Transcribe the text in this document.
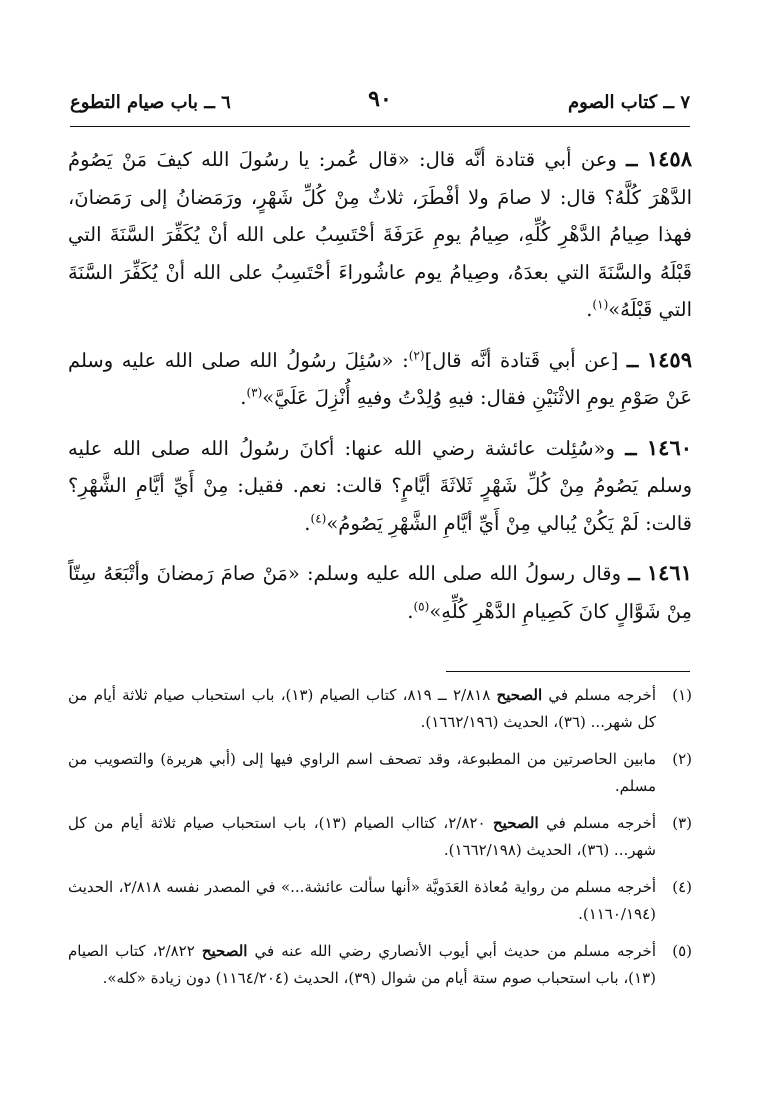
٧ ــ كتاب الصوم
٩٠
٦ ــ باب صيام التطوع

١٤٥٨ ــ وعن أبي قتادة أنَّه قال: «قال عُمر: يا رسُولَ الله كيفَ مَنْ يَصُومُ الدَّهْرَ كُلَّهُ؟ قال: لا صامَ ولا أفْطَرَ، ثلاثٌ مِنْ كُلِّ شَهْرٍ، ورَمَضانُ إلى رَمَضانَ، فهذا صِيامُ الدَّهْرِ كُلِّهِ، صِيامُ يومِ عَرَفَةَ أحْتَسِبُ على الله أنْ يُكَفِّرَ السَّنَةَ التي قَبْلَهُ والسَّنَةَ التي بعدَهُ، وصِيامُ يوم عاشُوراءَ أحْتَسِبُ على الله أنْ يُكَفِّرَ السَّنَةَ التي قَبْلَهُ»$^{(١)}$.

١٤٥٩ ــ [عن أبي قَتادة أنَّه قال]$^{(٢)}$: «سُئِلَ رسُولُ الله صلى الله عليه وسلم عَنْ صَوْمِ يومِ الاثْنَيْنِ فقال: فيهِ وُلِدْتُ وفيهِ أُنْزِلَ عَلَيَّ»$^{(٣)}$.

١٤٦٠ ــ و«سُئِلت عائشة رضي الله عنها: أكانَ رسُولُ الله صلى الله عليه وسلم يَصُومُ مِنْ كُلِّ شَهْرٍ ثَلاثَةَ أيَّامٍ؟ قالت: نعم. فقيل: مِنْ أَيِّ أيَّامِ الشَّهْرِ؟ قالت: لَمْ يَكُنْ يُبالي مِنْ أَيِّ أيَّامِ الشَّهْرِ يَصُومُ»$^{(٤)}$.

١٤٦١ ــ وقال رسولُ الله صلى الله عليه وسلم: «مَنْ صامَ رَمضانَ وأتْبَعَهُ سِتّاً مِنْ شَوَّالٍ كانَ كَصِيامِ الدَّهْرِ كُلِّهِ»$^{(٥)}$.

(١)
أخرجه مسلم في الصحيح ٢/٨١٨ ــ ٨١٩، كتاب الصيام (١٣)، باب استحباب صيام ثلاثة أيام من كل شهر... (٣٦)، الحديث (١٦٦٢/١٩٦).

(٢)
مابين الحاصرتين من المطبوعة، وقد تصحف اسم الراوي فيها إلى (أبي هريرة) والتصويب من مسلم.

(٣)
أخرجه مسلم في الصحيح ٢/٨٢٠، كتااب الصيام (١٣)، باب استحباب صيام ثلاثة أيام من كل شهر... (٣٦)، الحديث (١٦٦٢/١٩٨).

(٤)
أخرجه مسلم من رواية مُعاذة العَدَويَّة «أنها سألت عائشة...» في المصدر نفسه ٢/٨١٨، الحديث (١١٦٠/١٩٤).

(٥)
أخرجه مسلم من حديث أبي أيوب الأنصاري رضي الله عنه في الصحيح ٢/٨٢٢، كتاب الصيام (١٣)، باب استحباب صوم ستة أيام من شوال (٣٩)، الحديث (١١٦٤/٢٠٤) دون زيادة «كله».
